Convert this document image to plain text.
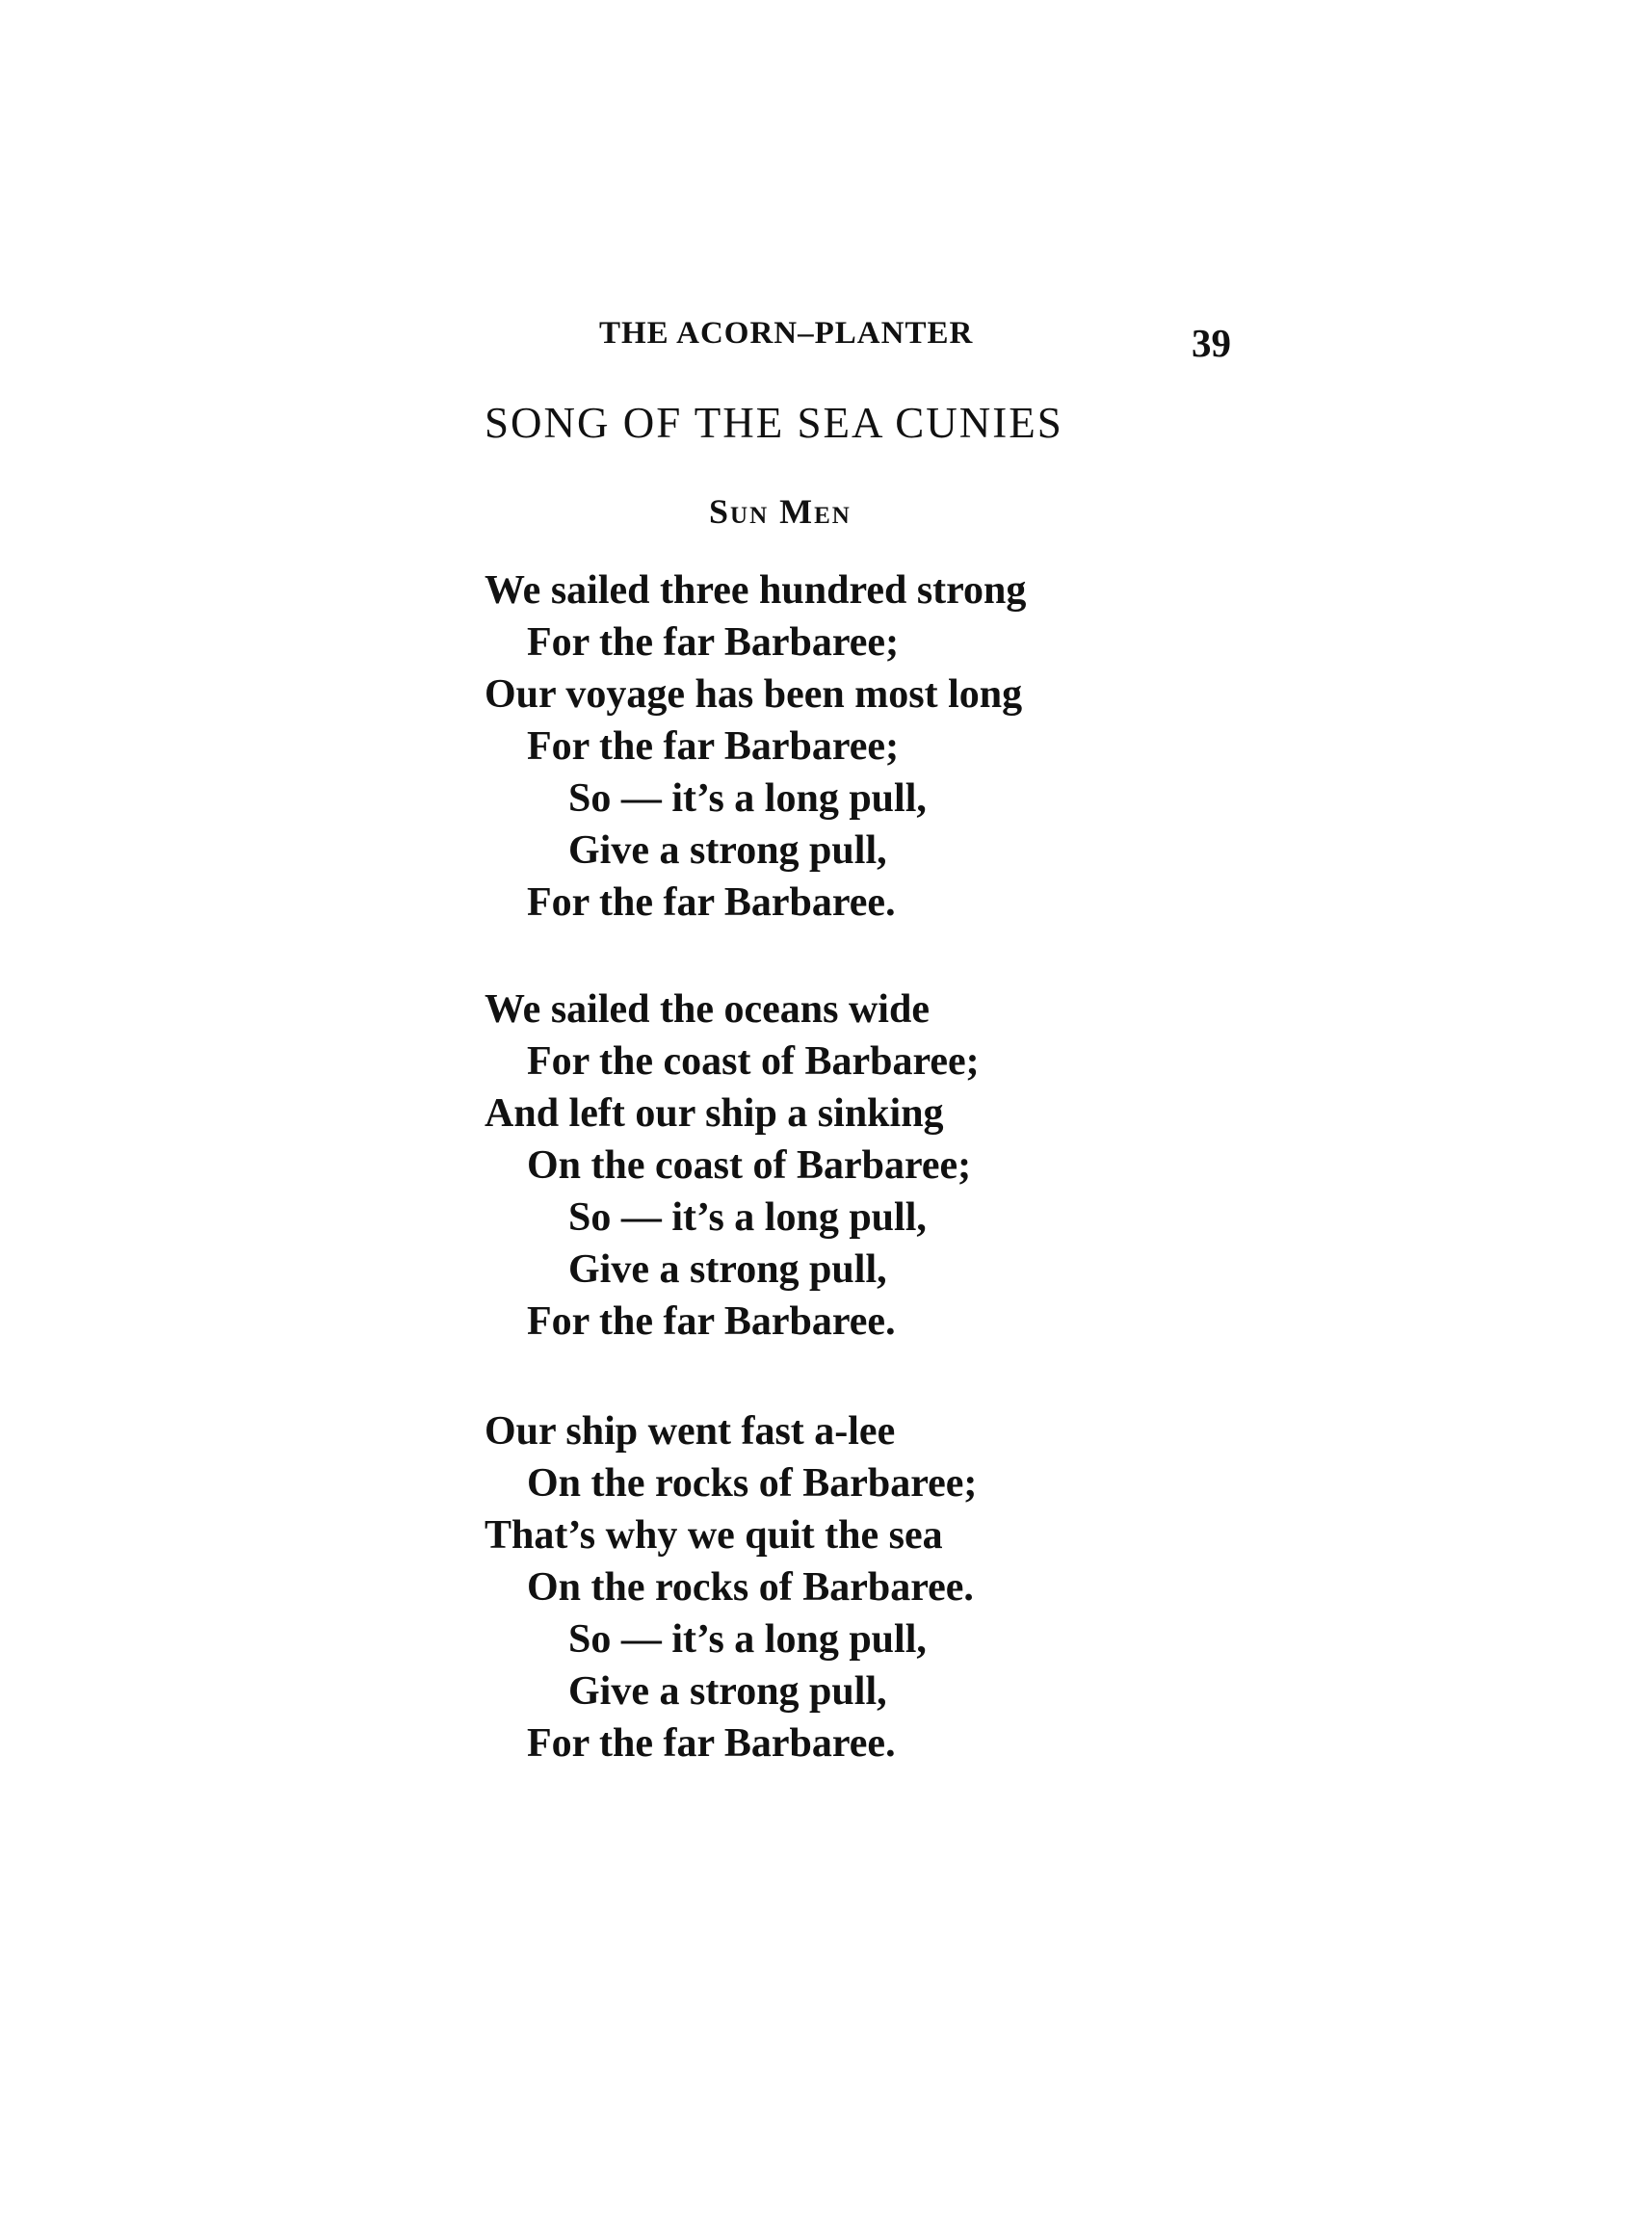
THE ACORN–PLANTER	39
SONG OF THE SEA CUNIES
Sun Men
We sailed three hundred strong
For the far Barbaree;
Our voyage has been most long
For the far Barbaree;
So — it’s a long pull,
Give a strong pull,
For the far Barbaree.
We sailed the oceans wide
For the coast of Barbaree;
And left our ship a sinking
On the coast of Barbaree;
So — it’s a long pull,
Give a strong pull,
For the far Barbaree.
Our ship went fast a-lee
On the rocks of Barbaree;
That’s why we quit the sea
On the rocks of Barbaree.
So — it’s a long pull,
Give a strong pull,
For the far Barbaree.
